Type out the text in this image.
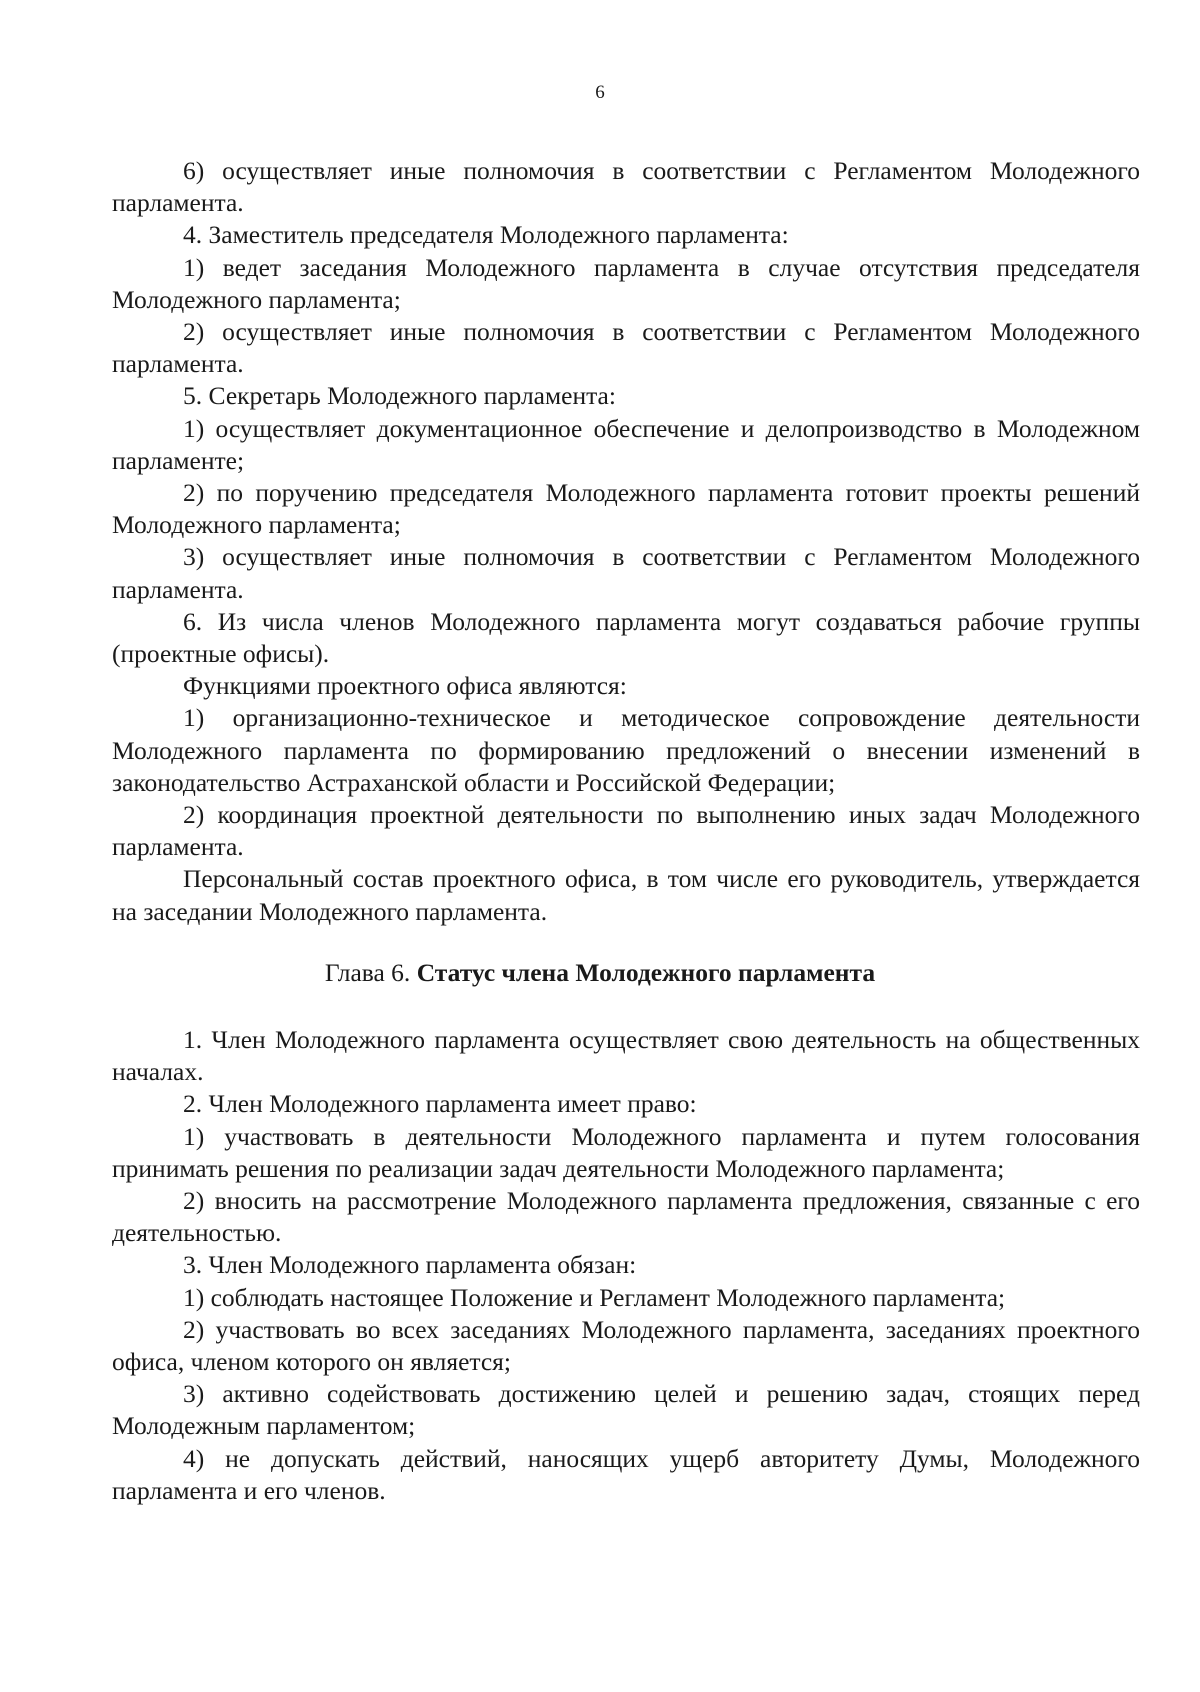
6

6) осуществляет иные полномочия в соответствии с Регламентом Молодежного парламента.

4. Заместитель председателя Молодежного парламента:

1) ведет заседания Молодежного парламента в случае отсутствия председателя Молодежного парламента;

2) осуществляет иные полномочия в соответствии с Регламентом Молодежного парламента.

5. Секретарь Молодежного парламента:

1) осуществляет документационное обеспечение и делопроизводство в Молодежном парламенте;

2) по поручению председателя Молодежного парламента готовит проекты решений Молодежного парламента;

3) осуществляет иные полномочия в соответствии с Регламентом Молодежного парламента.

6. Из числа членов Молодежного парламента могут создаваться рабочие группы (проектные офисы).

Функциями проектного офиса являются:

1) организационно-техническое и методическое сопровождение деятельности Молодежного парламента по формированию предложений о внесении изменений в законодательство Астраханской области и Российской Федерации;

2) координация проектной деятельности по выполнению иных задач Молодежного парламента.

Персональный состав проектного офиса, в том числе его руководитель, утверждается на заседании Молодежного парламента.

Глава 6. Статус члена Молодежного парламента

1. Член Молодежного парламента осуществляет свою деятельность на общественных началах.

2. Член Молодежного парламента имеет право:

1) участвовать в деятельности Молодежного парламента и путем голосования принимать решения по реализации задач деятельности Молодежного парламента;

2) вносить на рассмотрение Молодежного парламента предложения, связанные с его деятельностью.

3. Член Молодежного парламента обязан:

1) соблюдать настоящее Положение и Регламент Молодежного парламента;

2) участвовать во всех заседаниях Молодежного парламента, заседаниях проектного офиса, членом которого он является;

3) активно содействовать достижению целей и решению задач, стоящих перед Молодежным парламентом;

4) не допускать действий, наносящих ущерб авторитету Думы, Молодежного парламента и его членов.
